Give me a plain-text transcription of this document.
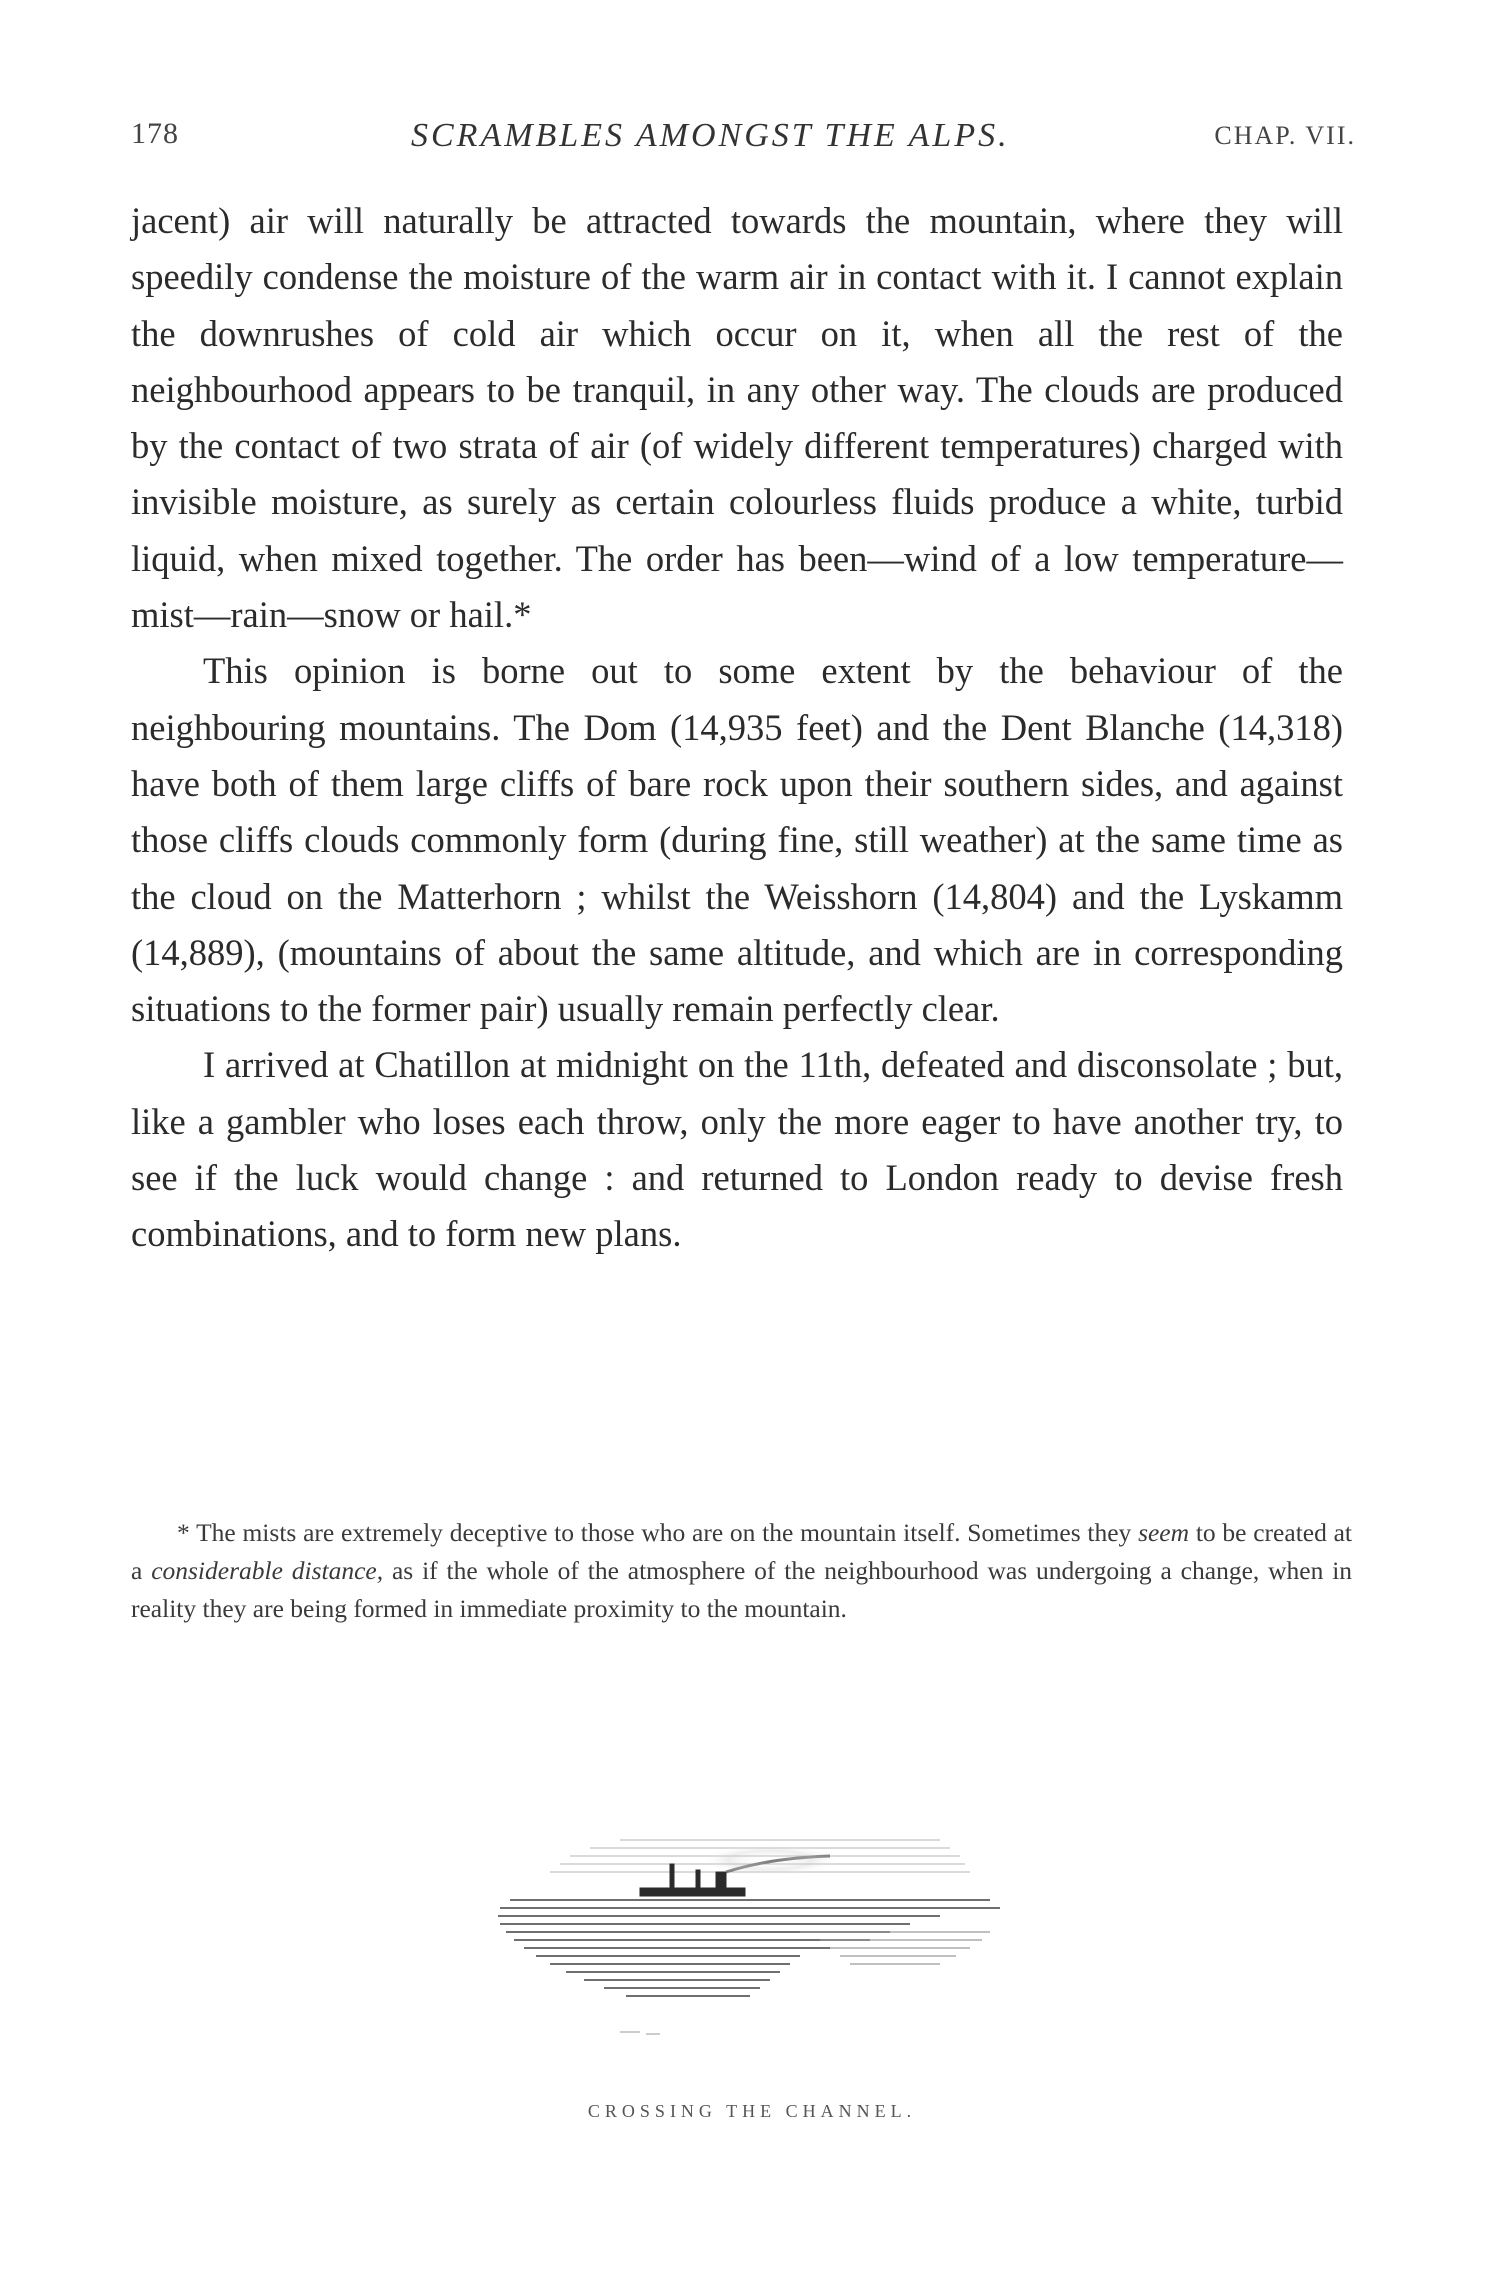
178	SCRAMBLES AMONGST THE ALPS.	CHAP. VII.

jacent) air will naturally be attracted towards the mountain, where they will speedily condense the moisture of the warm air in contact with it. I cannot explain the downrushes of cold air which occur on it, when all the rest of the neighbourhood appears to be tranquil, in any other way. The clouds are produced by the contact of two strata of air (of widely different temperatures) charged with invisible moisture, as surely as certain colourless fluids produce a white, turbid liquid, when mixed together. The order has been—wind of a low temperature—mist—rain—snow or hail.*

This opinion is borne out to some extent by the behaviour of the neighbouring mountains. The Dom (14,935 feet) and the Dent Blanche (14,318) have both of them large cliffs of bare rock upon their southern sides, and against those cliffs clouds commonly form (during fine, still weather) at the same time as the cloud on the Matterhorn ; whilst the Weisshorn (14,804) and the Lyskamm (14,889), (mountains of about the same altitude, and which are in corresponding situations to the former pair) usually remain perfectly clear.

I arrived at Chatillon at midnight on the 11th, defeated and disconsolate ; but, like a gambler who loses each throw, only the more eager to have another try, to see if the luck would change : and returned to London ready to devise fresh combinations, and to form new plans.

* The mists are extremely deceptive to those who are on the mountain itself. Sometimes they seem to be created at a considerable distance, as if the whole of the atmosphere of the neighbourhood was undergoing a change, when in reality they are being formed in immediate proximity to the mountain.

CROSSING THE CHANNEL.
